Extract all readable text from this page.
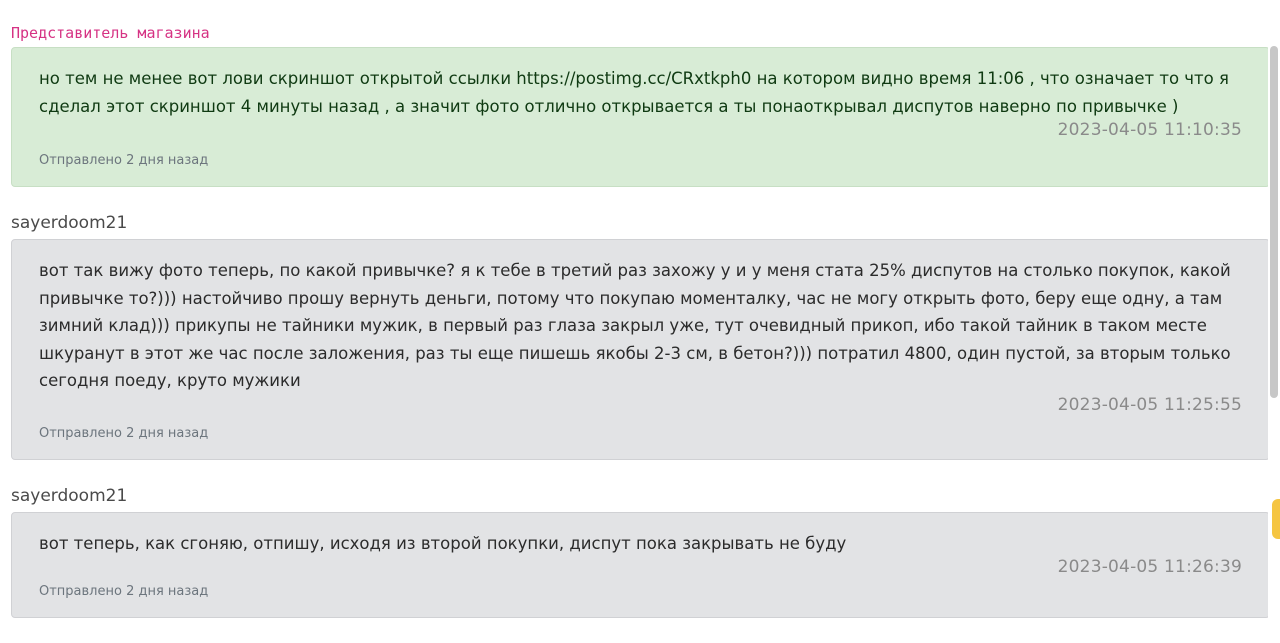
Представитель магазина

но тем не менее вот лови скриншот открытой ссылки https://postimg.cc/CRxtkph0 на котором видно время 11:06 , что означает то что я сделал этот скриншот 4 минуты назад , а значит фото отлично открывается а ты понаоткрывал диспутов наверно по привычке )

2023-04-05 11:10:35
Отправлено 2 дня назад
sayerdoom21

вот так вижу фото теперь, по какой привычке? я к тебе в третий раз захожу у и у меня стата 25% диспутов на столько покупок, какой привычке то?))) настойчиво прошу вернуть деньги, потому что покупаю моменталку, час не могу открыть фото, беру еще одну, а там зимний клад))) прикупы не тайники мужик, в первый раз глаза закрыл уже, тут очевидный прикоп, ибо такой тайник в таком месте шкуранут в этот же час после заложения, раз ты еще пишешь якобы 2-3 см, в бетон?))) потратил 4800, один пустой, за вторым только сегодня поеду, круто мужики

2023-04-05 11:25:55
Отправлено 2 дня назад
sayerdoom21

вот теперь, как сгоняю, отпишу, исходя из второй покупки, диспут пока закрывать не буду

2023-04-05 11:26:39
Отправлено 2 дня назад
